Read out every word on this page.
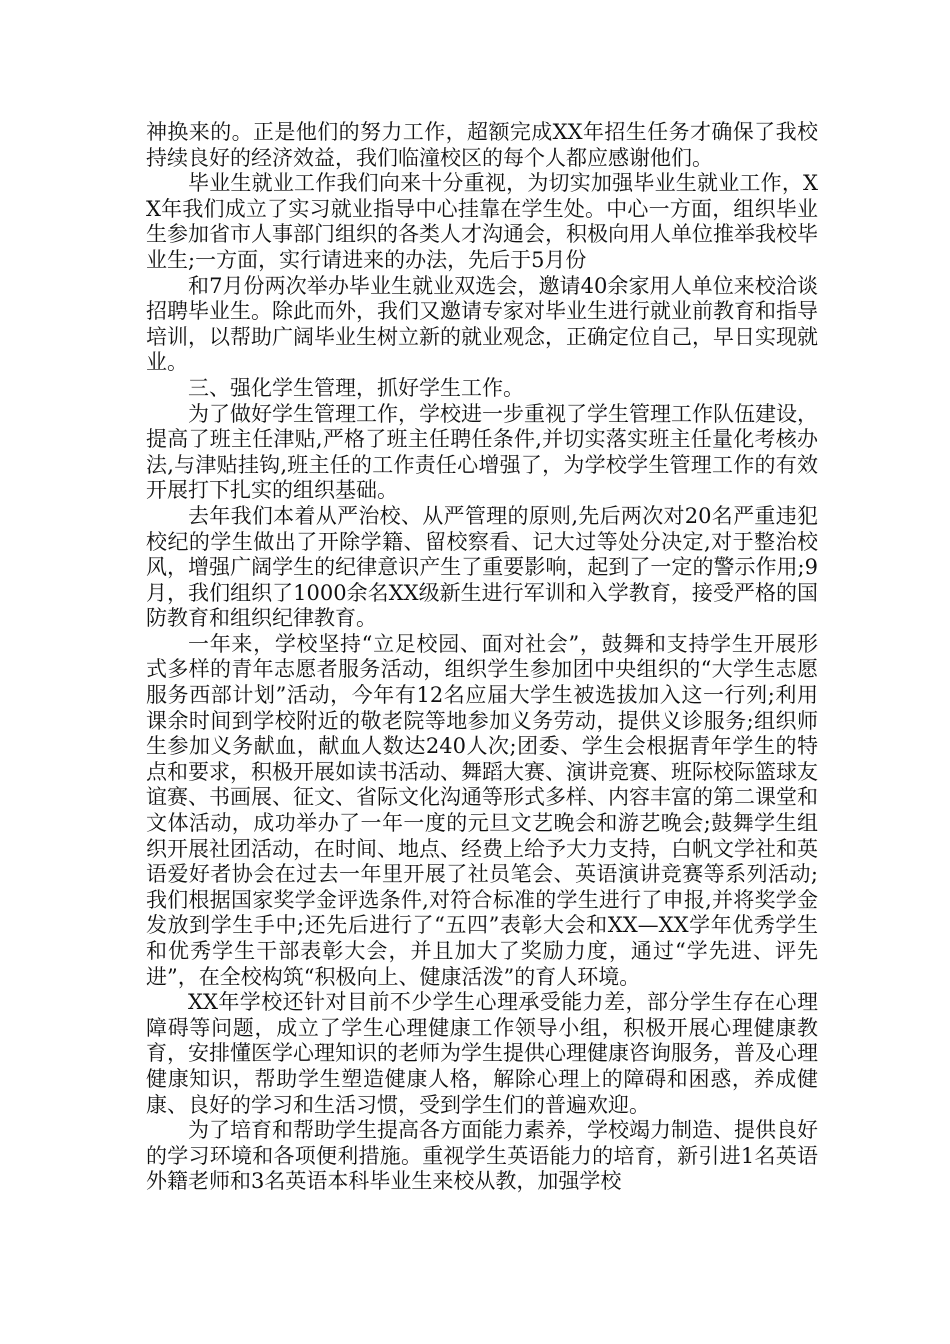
神换来的。正是他们的努力工作，超额完成XX年招生任务才确保了我校持续良好的经济效益，我们临潼校区的每个人都应感谢他们。

毕业生就业工作我们向来十分重视，为切实加强毕业生就业工作，XX年我们成立了实习就业指导中心挂靠在学生处。中心一方面，组织毕业生参加省市人事部门组织的各类人才沟通会，积极向用人单位推举我校毕业生;一方面，实行请进来的办法，先后于5月份

和7月份两次举办毕业生就业双选会，邀请40余家用人单位来校洽谈招聘毕业生。除此而外，我们又邀请专家对毕业生进行就业前教育和指导培训，以帮助广阔毕业生树立新的就业观念，正确定位自己，早日实现就业。

三、强化学生管理，抓好学生工作。

为了做好学生管理工作，学校进一步重视了学生管理工作队伍建设，提高了班主任津贴,严格了班主任聘任条件,并切实落实班主任量化考核办法,与津贴挂钩,班主任的工作责任心增强了，为学校学生管理工作的有效开展打下扎实的组织基础。

去年我们本着从严治校、从严管理的原则,先后两次对20名严重违犯校纪的学生做出了开除学籍、留校察看、记大过等处分决定,对于整治校风，增强广阔学生的纪律意识产生了重要影响，起到了一定的警示作用;9月，我们组织了1000余名XX级新生进行军训和入学教育，接受严格的国防教育和组织纪律教育。

一年来，学校坚持“立足校园、面对社会”，鼓舞和支持学生开展形式多样的青年志愿者服务活动，组织学生参加团中央组织的“大学生志愿服务西部计划”活动，今年有12名应届大学生被选拔加入这一行列;利用课余时间到学校附近的敬老院等地参加义务劳动，提供义诊服务;组织师生参加义务献血，献血人数达240人次;团委、学生会根据青年学生的特点和要求，积极开展如读书活动、舞蹈大赛、演讲竞赛、班际校际篮球友谊赛、书画展、征文、省际文化沟通等形式多样、内容丰富的第二课堂和文体活动，成功举办了一年一度的元旦文艺晚会和游艺晚会;鼓舞学生组织开展社团活动，在时间、地点、经费上给予大力支持，白帆文学社和英语爱好者协会在过去一年里开展了社员笔会、英语演讲竞赛等系列活动;我们根据国家奖学金评选条件,对符合标准的学生进行了申报,并将奖学金发放到学生手中;还先后进行了“五四”表彰大会和XX—XX学年优秀学生和优秀学生干部表彰大会，并且加大了奖励力度，通过“学先进、评先进”，在全校构筑“积极向上、健康活泼”的育人环境。

XX年学校还针对目前不少学生心理承受能力差，部分学生存在心理障碍等问题，成立了学生心理健康工作领导小组，积极开展心理健康教育，安排懂医学心理知识的老师为学生提供心理健康咨询服务，普及心理健康知识，帮助学生塑造健康人格，解除心理上的障碍和困惑，养成健康、良好的学习和生活习惯，受到学生们的普遍欢迎。

为了培育和帮助学生提高各方面能力素养，学校竭力制造、提供良好的学习环境和各项便利措施。重视学生英语能力的培育，新引进1名英语外籍老师和3名英语本科毕业生来校从教，加强学校
